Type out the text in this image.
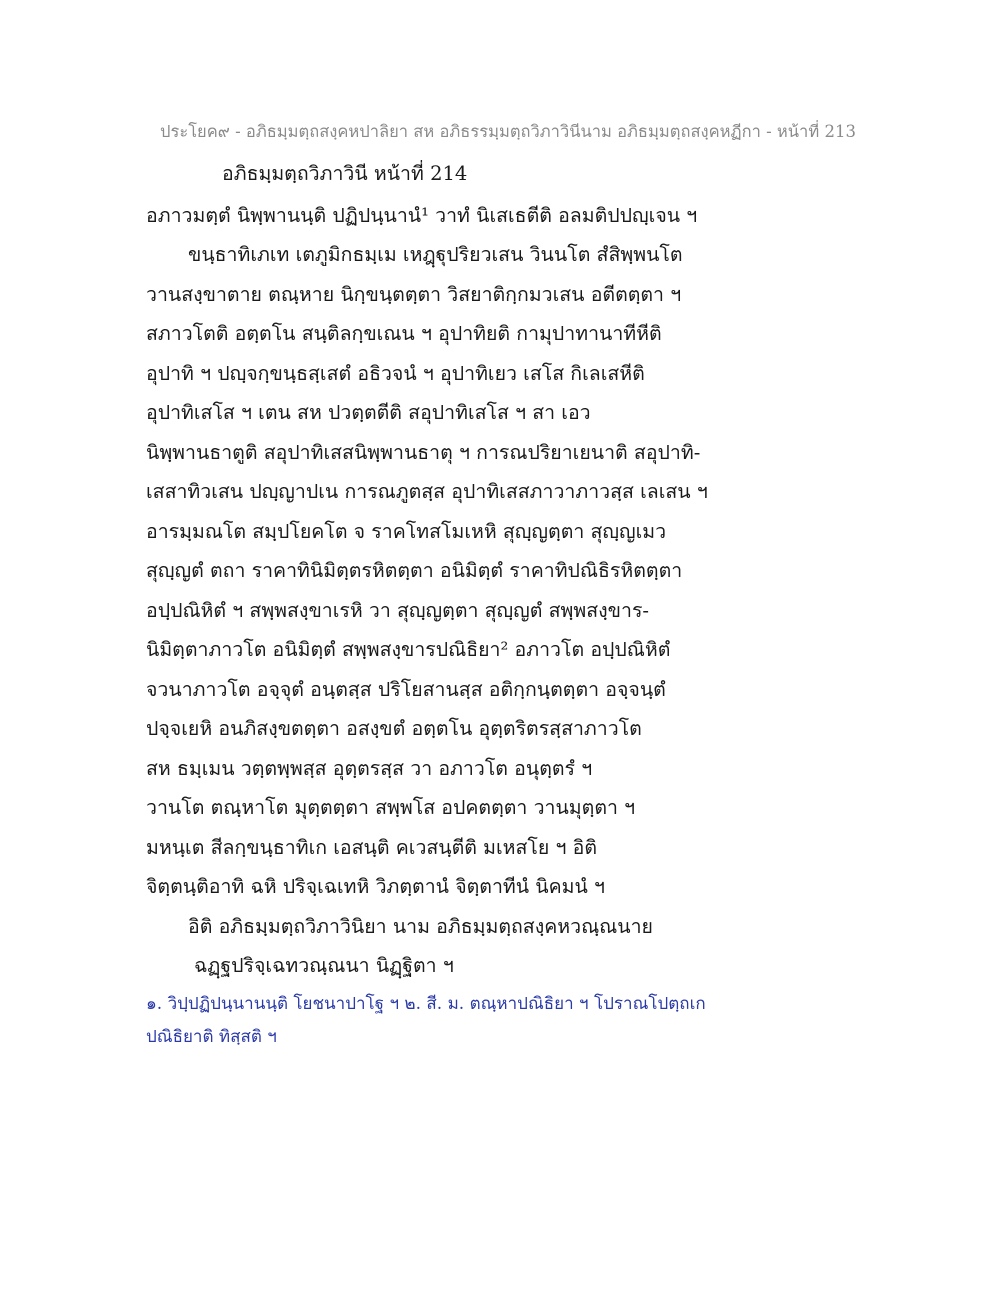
ประโยค๙ - อภิธมฺมตฺถสงฺคหปาลิยา สห อภิธรรมฺมตฺถวิภาวินีนาม อภิธมฺมตฺถสงฺคหฏีกา - หน้าที่ 213
อภิธมฺมตฺถวิภาวินี หน้าที่ 214
อภาวมตฺตํ นิพฺพานนฺติ ปฏิปนฺนานํ¹ วาทํ นิเสเธตีติ อลมติปปญฺเจน ฯ
ขนฺธาทิเภเท เตภูมิกธมฺเม เหฎฺฐุปริยวเสน วินนโต สํสิพฺพนโต
วานสงฺขาตาย ตณฺหาย นิกฺขนฺตตฺตา วิสยาติกฺกมวเสน อตีตตฺตา ฯ
สภาวโตติ อตฺตโน สนฺติลกฺขเณน ฯ อุปาทิยติ กามุปาทานาทีหีติ
อุปาทิ ฯ ปญฺจกฺขนฺธสฺเสตํ อธิวจนํ ฯ อุปาทิเยว เสโส กิเลเสหีติ
อุปาทิเสโส ฯ เตน สห ปวตฺตตีติ สอุปาทิเสโส ฯ สา เอว
นิพฺพานธาตูติ สอุปาทิเสสนิพฺพานธาตุ ฯ การณปริยาเยนาติ สอุปาทิ-
เสสาทิวเสน ปญฺญาปเน การณภูตสฺส อุปาทิเสสภาวาภาวสฺส เลเสน ฯ
อารมฺมณโต สมฺปโยคโต จ ราคโทสโมเหหิ สุญฺญตฺตา สุญฺญเมว
สุญฺญตํ ตถา ราคาทินิมิตฺตรหิตตฺตา อนิมิตฺตํ ราคาทิปณิธิรหิตตฺตา
อปฺปณิหิตํ ฯ สพฺพสงฺขาเรหิ วา สุญฺญตฺตา สุญฺญตํ สพฺพสงฺขาร-
นิมิตฺตาภาวโต อนิมิตฺตํ สพฺพสงฺขารปณิธิยา² อภาวโต อปฺปณิหิตํ
จวนาภาวโต อจฺจุตํ อนฺตสฺส ปริโยสานสฺส อติกฺกนฺตตฺตา อจฺจนฺตํ
ปจฺจเยหิ อนภิสงฺขตตฺตา อสงฺขตํ อตฺตโน อุตฺตริตรสฺสาภาวโต
สห ธมฺเมน วตฺตพฺพสฺส อุตฺตรสฺส วา อภาวโต อนุตฺตรํ ฯ
วานโต ตณฺหาโต มุตฺตตฺตา สพฺพโส อปคตตฺตา วานมุตฺตา ฯ
มหนฺเต สีลกฺขนฺธาทิเก เอสนฺติ คเวสนฺตีติ มเหสโย ฯ อิติ
จิตฺตนฺติอาทิ ฉหิ ปริจฺเฉเทหิ วิภตฺตานํ จิตฺตาทีนํ นิคมนํ ฯ
อิติ อภิธมฺมตฺถวิภาวินิยา นาม อภิธมฺมตฺถสงฺคหวณฺณนาย
ฉฏฺฐปริจฺเฉทวณฺณนา นิฏฺฐิตา ฯ
๑. วิปฺปฏิปนฺนานนฺติ โยชนาปาโฐ ฯ ๒. สี. ม. ตณฺหาปณิธิยา ฯ โปราณโปตฺถเก
ปณิธิยาติ ทิสฺสติ ฯ
